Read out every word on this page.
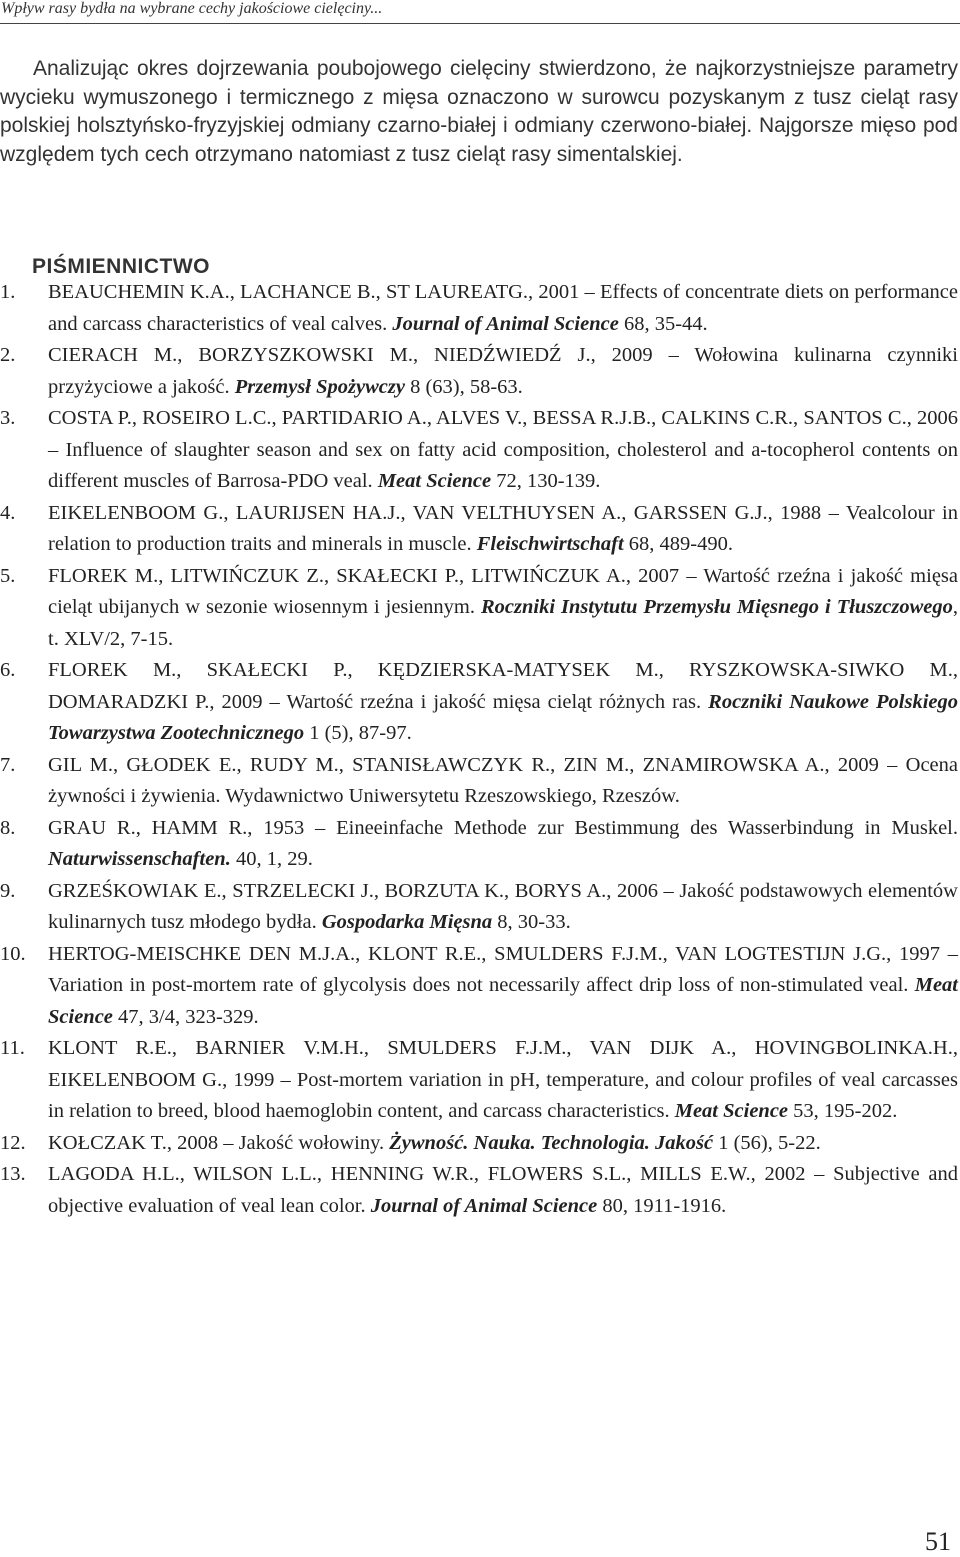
Wpływ rasy bydła na wybrane cechy jakościowe cielęciny...

Analizując okres dojrzewania poubojowego cielęciny stwierdzono, że najkorzystniejsze parametry wycieku wymuszonego i termicznego z mięsa oznaczono w surowcu pozyskanym z tusz cieląt rasy polskiej holsztyńsko-fryzyjskiej odmiany czarno-białej i odmiany czerwono-białej. Najgorsze mięso pod względem tych cech otrzymano natomiast z tusz cieląt rasy simentalskiej.

PIŚMIENNICTWO
1. BEAUCHEMIN K.A., LACHANCE B., ST LAUREATG., 2001 – Effects of concentrate diets on performance and carcass characteristics of veal calves. Journal of Animal Science 68, 35-44.
2. CIERACH M., BORZYSZKOWSKI M., NIEDŹWIEDŹ J., 2009 – Wołowina kulinarna czynniki przyżyciowe a jakość. Przemysł Spożywczy 8 (63), 58-63.
3. COSTA P., ROSEIRO L.C., PARTIDARIO A., ALVES V., BESSA R.J.B., CALKINS C.R., SANTOS C., 2006 – Influence of slaughter season and sex on fatty acid composition, cholesterol and a-tocopherol contents on different muscles of Barrosa-PDO veal. Meat Science 72, 130-139.
4. EIKELENBOOM G., LAURIJSEN HA.J., VAN VELTHUYSEN A., GARSSEN G.J., 1988 – Vealcolour in relation to production traits and minerals in muscle. Fleischwirtschaft 68, 489-490.
5. FLOREK M., LITWIŃCZUK Z., SKAŁECKI P., LITWIŃCZUK A., 2007 – Wartość rzeźna i jakość mięsa cieląt ubijanych w sezonie wiosennym i jesiennym. Roczniki Instytutu Przemysłu Mięsnego i Tłuszczowego, t. XLV/2, 7-15.
6. FLOREK M., SKAŁECKI P., KĘDZIERSKA-MATYSEK M., RYSZKOWSKA-SIWKO M., DOMARADZKI P., 2009 – Wartość rzeźna i jakość mięsa cieląt różnych ras. Roczniki Naukowe Polskiego Towarzystwa Zootechnicznego 1 (5), 87-97.
7. GIL M., GŁODEK E., RUDY M., STANISŁAWCZYK R., ZIN M., ZNAMIROWSKA A., 2009 – Ocena żywności i żywienia. Wydawnictwo Uniwersytetu Rzeszowskiego, Rzeszów.
8. GRAU R., HAMM R., 1953 – Eineeinfache Methode zur Bestimmung des Wasserbindung in Muskel. Naturwissenschaften. 40, 1, 29.
9. GRZEŚKOWIAK E., STRZELECKI J., BORZUTA K., BORYS A., 2006 – Jakość podstawowych elementów kulinarnych tusz młodego bydła. Gospodarka Mięsna 8, 30-33.
10. HERTOG-MEISCHKE DEN M.J.A., KLONT R.E., SMULDERS F.J.M., VAN LOGTESTIJN J.G., 1997 – Variation in post-mortem rate of glycolysis does not necessarily affect drip loss of non-stimulated veal. Meat Science 47, 3/4, 323-329.
11. KLONT R.E., BARNIER V.M.H., SMULDERS F.J.M., VAN DIJK A., HOVINGBOLINKA.H., EIKELENBOOM G., 1999 – Post-mortem variation in pH, temperature, and colour profiles of veal carcasses in relation to breed, blood haemoglobin content, and carcass characteristics. Meat Science 53, 195-202.
12. KOŁCZAK T., 2008 – Jakość wołowiny. Żywność. Nauka. Technologia. Jakość 1 (56), 5-22.
13. LAGODA H.L., WILSON L.L., HENNING W.R., FLOWERS S.L., MILLS E.W., 2002 – Subjective and objective evaluation of veal lean color. Journal of Animal Science 80, 1911-1916.
51
